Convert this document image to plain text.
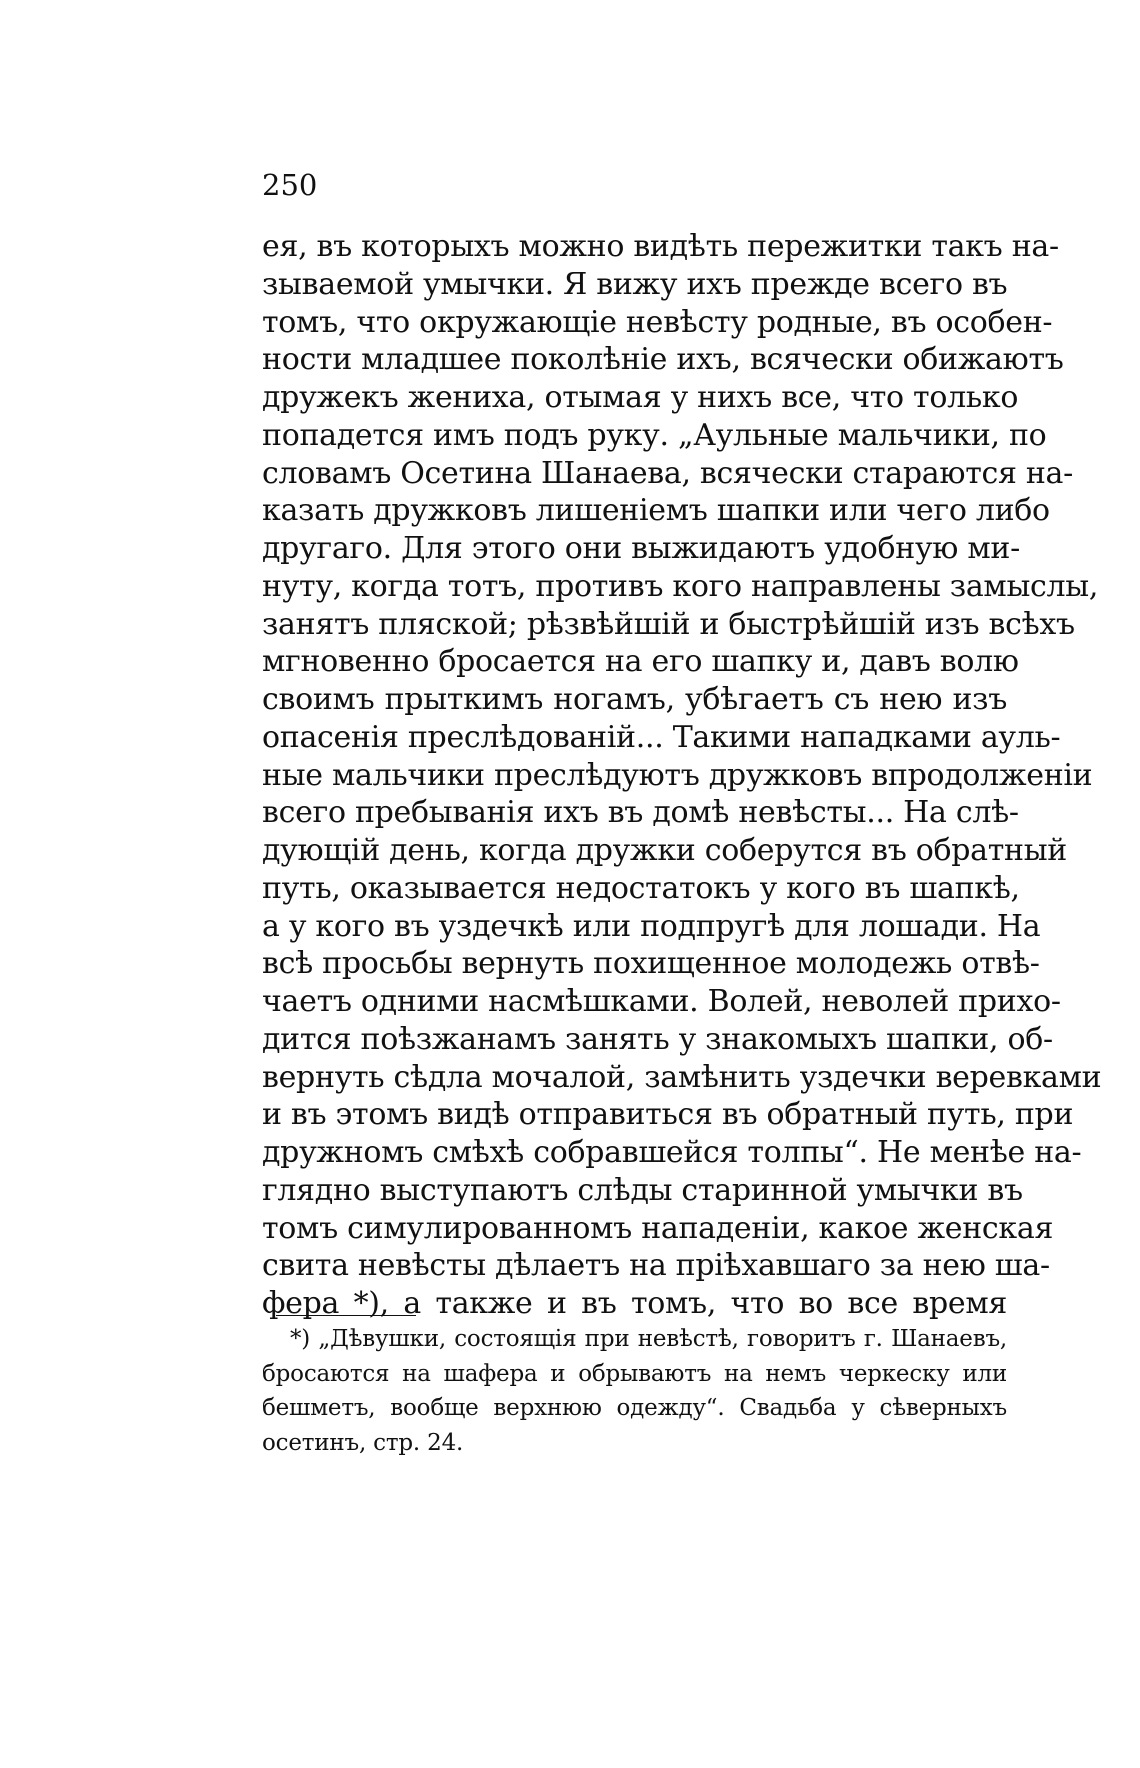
250
ея, въ которыхъ можно видѣть пережитки такъ на-
зываемой умычки. Я вижу ихъ прежде всего въ
томъ, что окружающіе невѣсту родные, въ особен-
ности младшее поколѣніе ихъ, всячески обижаютъ
дружекъ жениха, отымая у нихъ все, что только
попадется имъ подъ руку. „Аульные мальчики, по
словамъ Осетина Шанаева, всячески стараются на-
казать дружковъ лишеніемъ шапки или чего либо
другаго. Для этого они выжидаютъ удобную ми-
нуту, когда тотъ, противъ кого направлены замыслы,
занятъ пляской; рѣзвѣйшій и быстрѣйшій изъ всѣхъ
мгновенно бросается на его шапку и, давъ волю
своимъ прыткимъ ногамъ, убѣгаетъ съ нею изъ
опасенія преслѣдованій... Такими нападками ауль-
ные мальчики преслѣдуютъ дружковъ впродолженіи
всего пребыванія ихъ въ домѣ невѣсты... На слѣ-
дующій день, когда дружки соберутся въ обратный
путь, оказывается недостатокъ у кого въ шапкѣ,
а у кого въ уздечкѣ или подпругѣ для лошади. На
всѣ просьбы вернуть похищенное молодежь отвѣ-
чаетъ одними насмѣшками. Волей, неволей прихо-
дится поѣзжанамъ занять у знакомыхъ шапки, об-
вернуть сѣдла мочалой, замѣнить уздечки веревками
и въ этомъ видѣ отправиться въ обратный путь, при
дружномъ смѣхѣ собравшейся толпы“. Не менѣе на-
глядно выступаютъ слѣды старинной умычки въ
томъ симулированномъ нападеніи, какое женская
свита невѣсты дѣлаетъ на пріѣхавшаго за нею ша-
фера *), а также и въ томъ, что во все время
*) „Дѣвушки, состоящія при невѣстѣ, говоритъ г. Шанаевъ,
бросаются на шафера и обрываютъ на немъ черкеску или
бешметъ, вообще верхнюю одежду“. Свадьба у сѣверныхъ
осетинъ, стр. 24.
